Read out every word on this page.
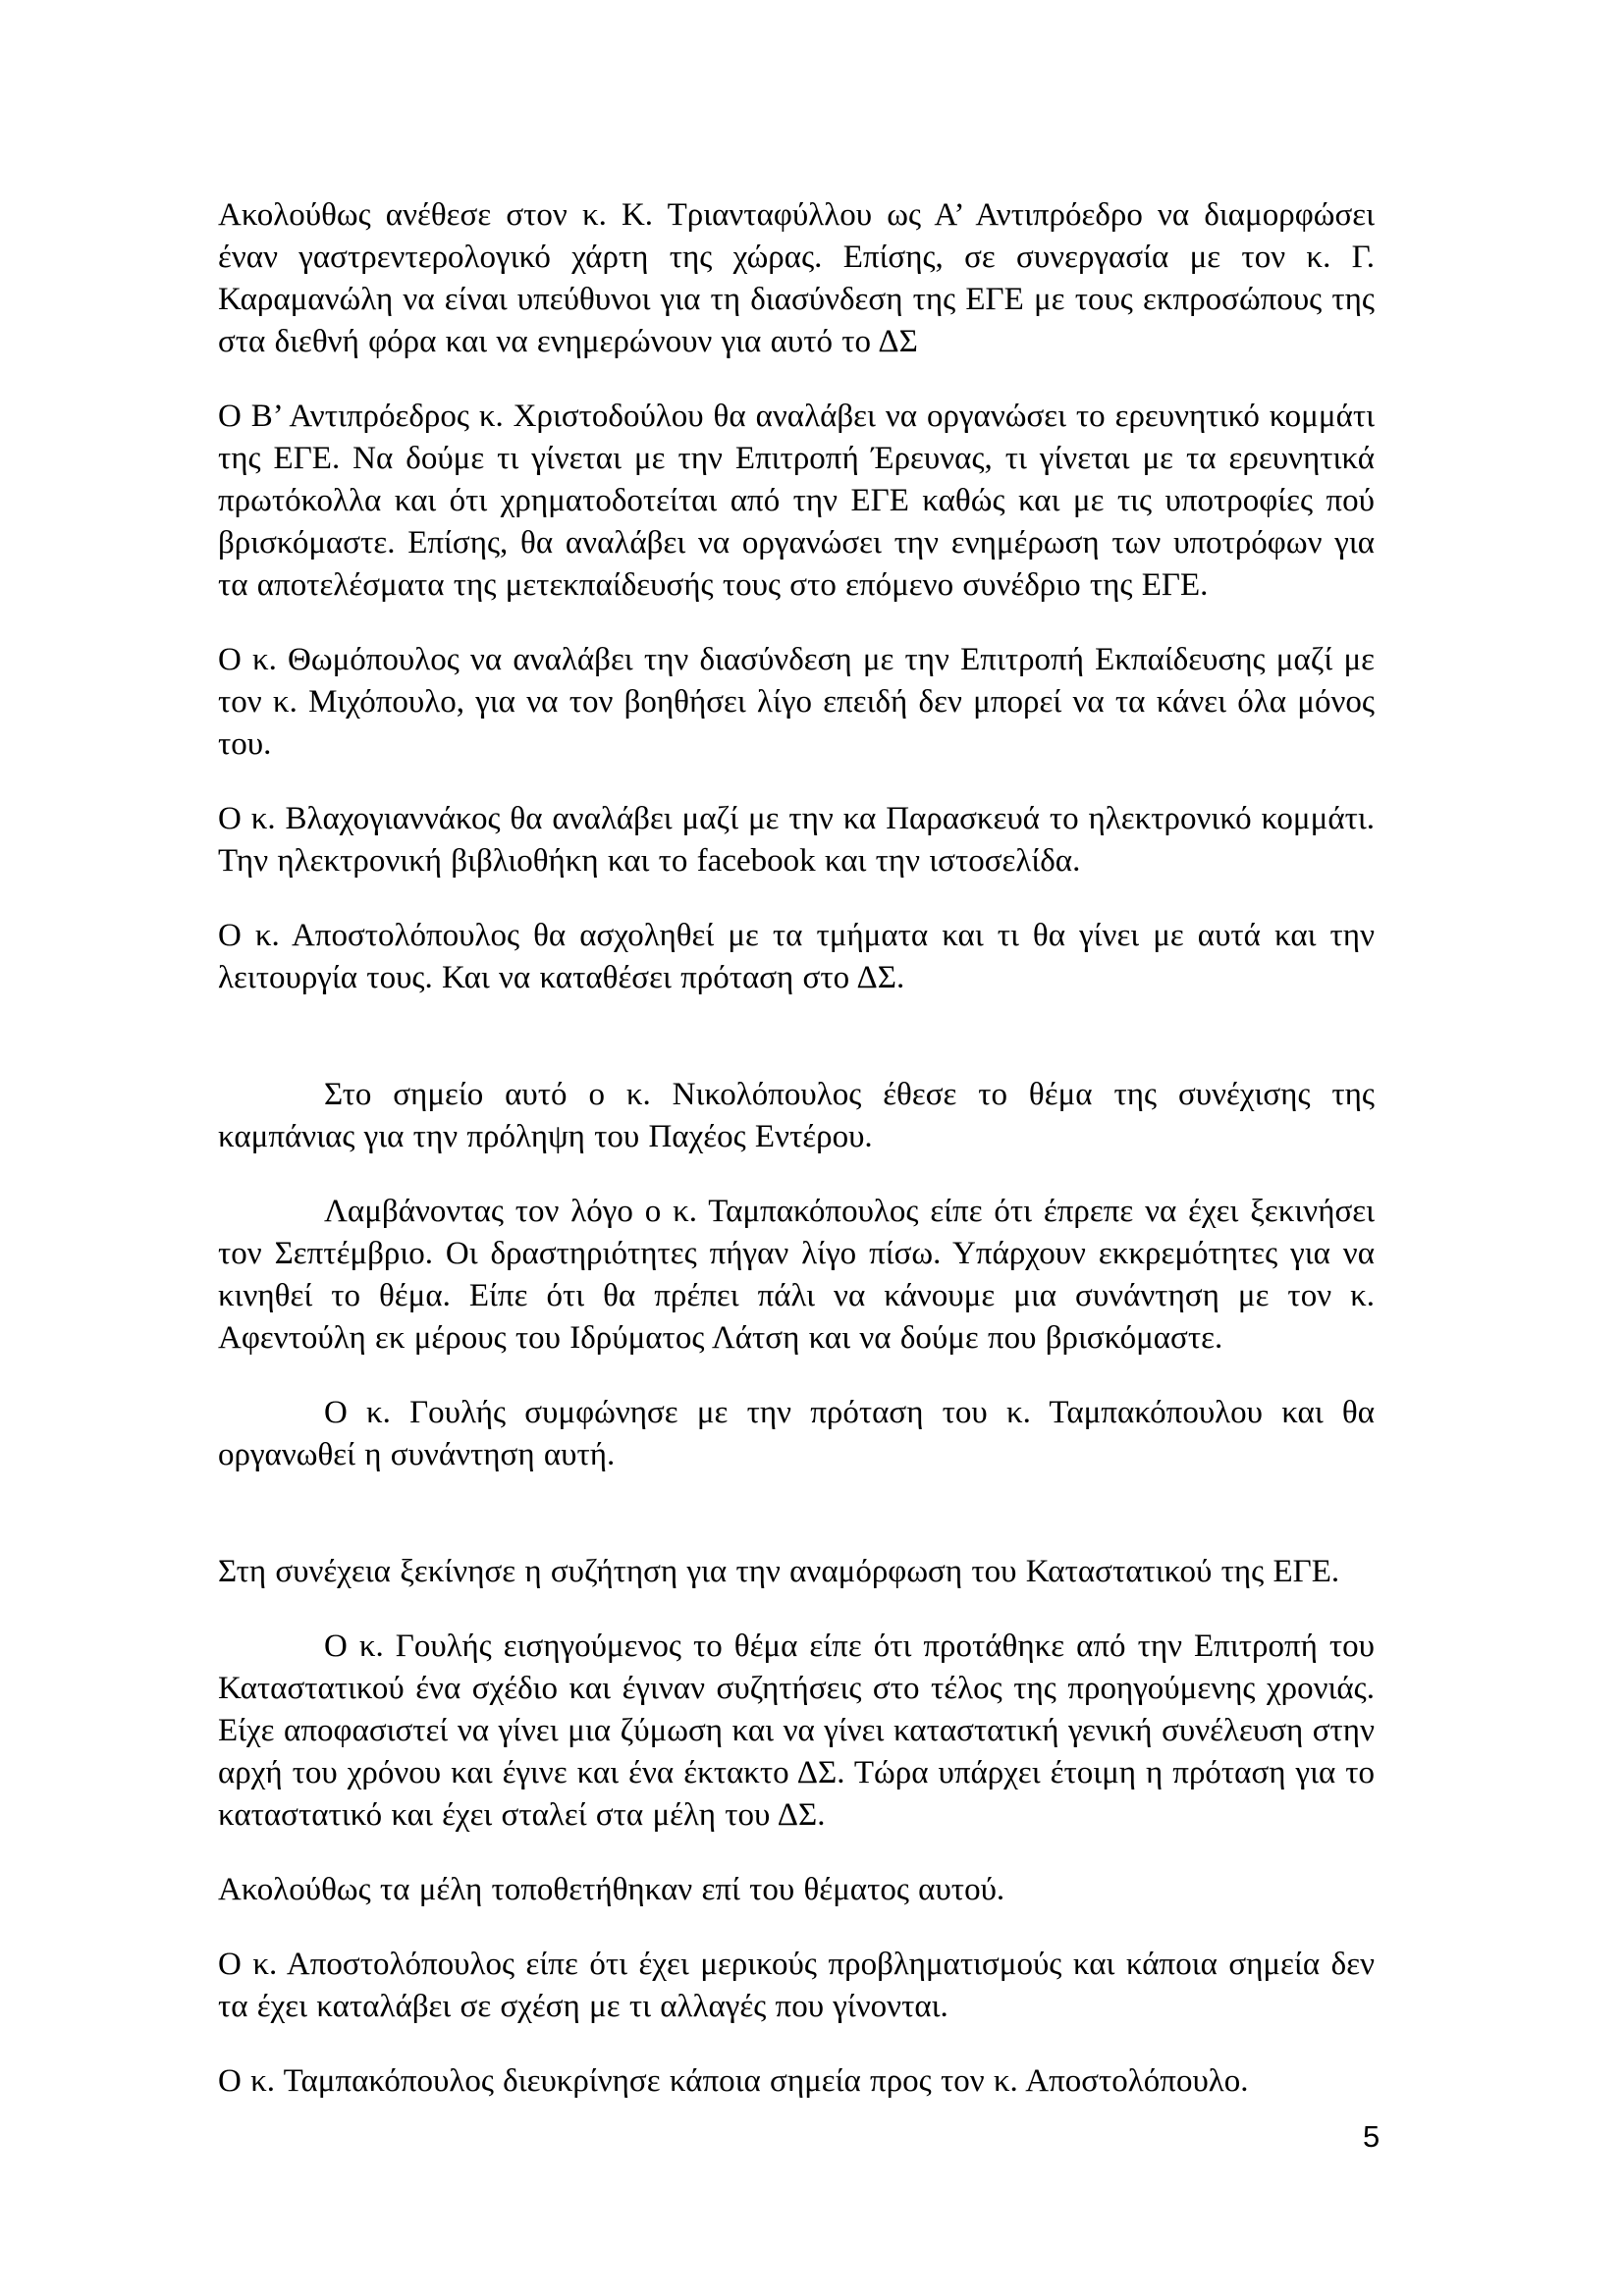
Ακολούθως ανέθεσε στον κ. Κ. Τριανταφύλλου ως Α’ Αντιπρόεδρο να διαμορφώσει έναν γαστρεντερολογικό χάρτη της χώρας. Επίσης, σε συνεργασία με τον κ. Γ. Καραμανώλη να είναι υπεύθυνοι για τη διασύνδεση της ΕΓΕ με τους εκπροσώπους της στα διεθνή φόρα και να ενημερώνουν για αυτό το ΔΣ

Ο Β’ Αντιπρόεδρος κ. Χριστοδούλου θα αναλάβει να οργανώσει το ερευνητικό κομμάτι της ΕΓΕ. Να δούμε τι γίνεται με την Επιτροπή Έρευνας, τι γίνεται με τα ερευνητικά πρωτόκολλα και ότι χρηματοδοτείται από την ΕΓΕ καθώς και με τις υποτροφίες πού βρισκόμαστε. Επίσης, θα αναλάβει να οργανώσει την ενημέρωση των υποτρόφων για τα αποτελέσματα της μετεκπαίδευσής τους στο επόμενο συνέδριο της ΕΓΕ.

Ο κ. Θωμόπουλος να αναλάβει την διασύνδεση με την Επιτροπή Εκπαίδευσης μαζί με τον κ. Μιχόπουλο, για να τον βοηθήσει λίγο επειδή δεν μπορεί να τα κάνει όλα μόνος του.

Ο κ. Βλαχογιαννάκος θα αναλάβει μαζί με την κα Παρασκευά το ηλεκτρονικό κομμάτι. Την ηλεκτρονική βιβλιοθήκη και το facebook και την ιστοσελίδα.

Ο κ. Αποστολόπουλος θα ασχοληθεί με τα τμήματα και τι θα γίνει με αυτά και την λειτουργία τους. Και να καταθέσει πρόταση στο ΔΣ.

Στο σημείο αυτό ο κ. Νικολόπουλος έθεσε το θέμα της συνέχισης της καμπάνιας για την πρόληψη του Παχέος Εντέρου.

Λαμβάνοντας τον λόγο ο κ. Ταμπακόπουλος είπε ότι έπρεπε να έχει ξεκινήσει τον Σεπτέμβριο. Οι δραστηριότητες πήγαν λίγο πίσω. Υπάρχουν εκκρεμότητες για να κινηθεί το θέμα. Είπε ότι θα πρέπει πάλι να κάνουμε μια συνάντηση με τον κ. Αφεντούλη εκ μέρους του Ιδρύματος Λάτση και να δούμε που βρισκόμαστε.

Ο κ. Γουλής συμφώνησε με την πρόταση του κ. Ταμπακόπουλου και θα οργανωθεί η συνάντηση αυτή.

Στη συνέχεια ξεκίνησε η συζήτηση για την αναμόρφωση του Καταστατικού της ΕΓΕ.

Ο κ. Γουλής εισηγούμενος το θέμα είπε ότι προτάθηκε από την Επιτροπή του Καταστατικού ένα σχέδιο και έγιναν συζητήσεις στο τέλος της προηγούμενης χρονιάς. Είχε αποφασιστεί να γίνει μια ζύμωση και να γίνει καταστατική γενική συνέλευση στην αρχή του χρόνου και έγινε και ένα έκτακτο ΔΣ. Τώρα υπάρχει έτοιμη η πρόταση για το καταστατικό και έχει σταλεί στα μέλη του ΔΣ.

Ακολούθως τα μέλη τοποθετήθηκαν επί του θέματος αυτού.

Ο κ. Αποστολόπουλος είπε ότι έχει μερικούς προβληματισμούς και κάποια σημεία δεν τα έχει καταλάβει σε σχέση με τι αλλαγές που γίνονται.

Ο κ. Ταμπακόπουλος διευκρίνησε κάποια σημεία προς τον κ. Αποστολόπουλο.

5
